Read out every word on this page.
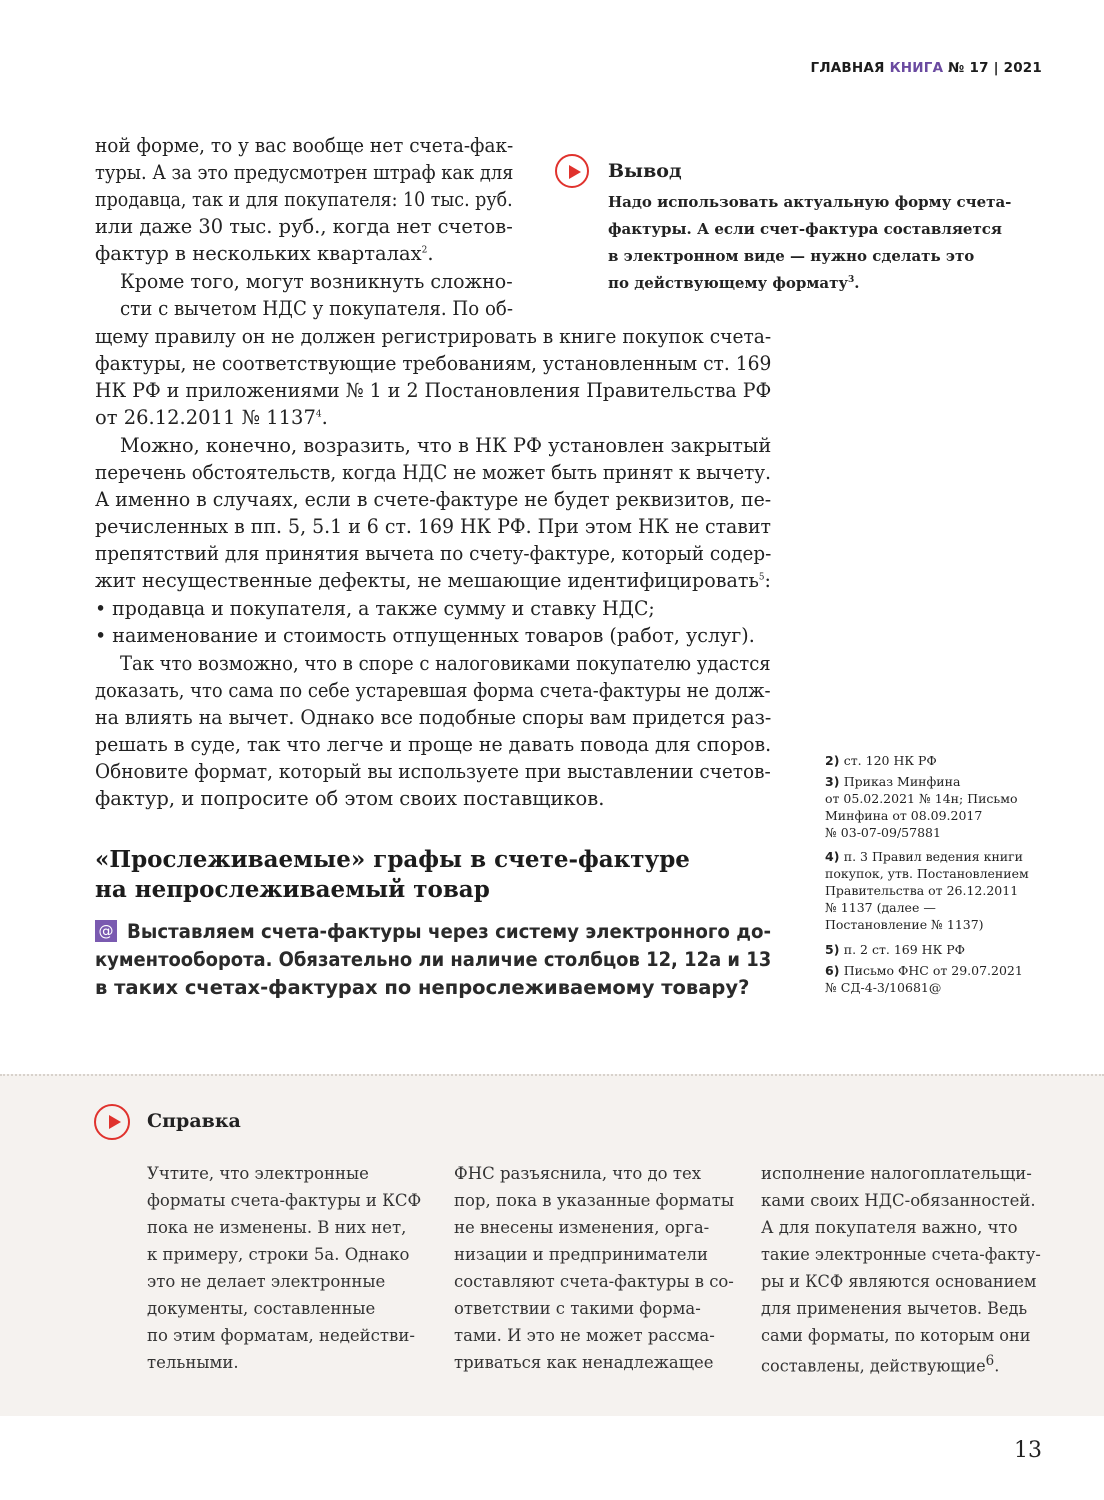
ГЛАВНАЯ КНИГА № 17 | 2021
ной форме, то у вас вообще нет счета-фак-
туры. А за это предусмотрен штраф как для
продавца, так и для покупателя: 10 тыс. руб.
или даже 30 тыс. руб., когда нет счетов-
фактур в нескольких кварталах$^2$.
Кроме того, могут возникнуть сложно-
сти с вычетом НДС у покупателя. По об-
щему правилу он не должен регистрировать в книге покупок счета-
фактуры, не соответствующие требованиям, установленным ст. 169
НК РФ и приложениями № 1 и 2 Постановления Правительства РФ
от 26.12.2011 № 1137$^4$.
Можно, конечно, возразить, что в НК РФ установлен закрытый
перечень обстоятельств, когда НДС не может быть принят к вычету.
А именно в случаях, если в счете-фактуре не будет реквизитов, пе-
речисленных в пп. 5, 5.1 и 6 ст. 169 НК РФ. При этом НК не ставит
препятствий для принятия вычета по счету-фактуре, который содер-
жит несущественные дефекты, не мешающие идентифицировать$^5$:
• продавца и покупателя, а также сумму и ставку НДС;
• наименование и стоимость отпущенных товаров (работ, услуг).
Так что возможно, что в споре с налоговиками покупателю удастся
доказать, что сама по себе устаревшая форма счета-фактуры не долж-
на влиять на вычет. Однако все подобные споры вам придется раз-
решать в суде, так что легче и проще не давать повода для споров.
Обновите формат, который вы используете при выставлении счетов-
фактур, и попросите об этом своих поставщиков.
Вывод
Надо использовать актуальную форму счета-
фактуры. А если счет-фактура составляется
в электронном виде — нужно сделать это
по действующему формату$^3$.
«Прослеживаемые» графы в счете-фактуре
на непрослеживаемый товар
@ Выставляем счета-фактуры через систему электронного до-
кументооборота. Обязательно ли наличие столбцов 12, 12а и 13
в таких счетах-фактурах по непрослеживаемому товару?
2) ст. 120 НК РФ
3) Приказ Минфина
от 05.02.2021 № 14н; Письмо
Минфина от 08.09.2017
№ 03-07-09/57881
4) п. 3 Правил ведения книги
покупок, утв. Постановлением
Правительства от 26.12.2011
№ 1137 (далее —
Постановление № 1137)
5) п. 2 ст. 169 НК РФ
6) Письмо ФНС от 29.07.2021
№ СД-4-3/10681@
Справка
Учтите, что электронные
форматы счета-фактуры и КСФ
пока не изменены. В них нет,
к примеру, строки 5а. Однако
это не делает электронные
документы, составленные
по этим форматам, недействи-
тельными.
ФНС разъяснила, что до тех
пор, пока в указанные форматы
не внесены изменения, орга-
низации и предприниматели
составляют счета-фактуры в со-
ответствии с такими форма-
тами. И это не может рассма-
триваться как ненадлежащее
исполнение налогоплательщи-
ками своих НДС-обязанностей.
А для покупателя важно, что
такие электронные счета-факту-
ры и КСФ являются основанием
для применения вычетов. Ведь
сами форматы, по которым они
составлены, действующие$^6$.
13
